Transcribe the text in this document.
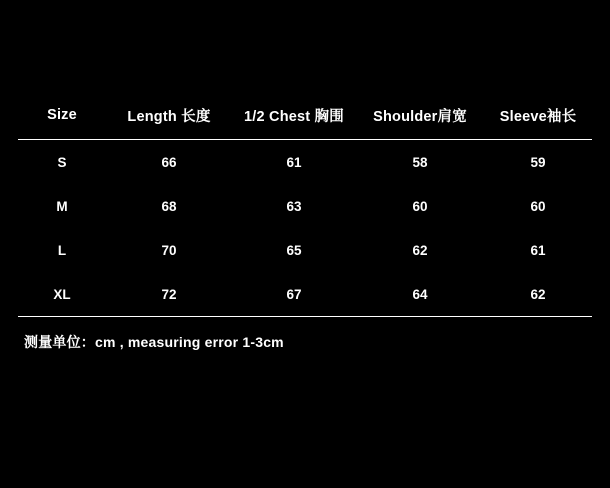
Size	Length 长度	1/2 Chest 胸围	Shoulder肩宽	Sleeve袖长
S	66	61	58	59
M	68	63	60	60
L	70	65	62	61
XL	72	67	64	62
测量单位：cm , measuring error 1-3cm
